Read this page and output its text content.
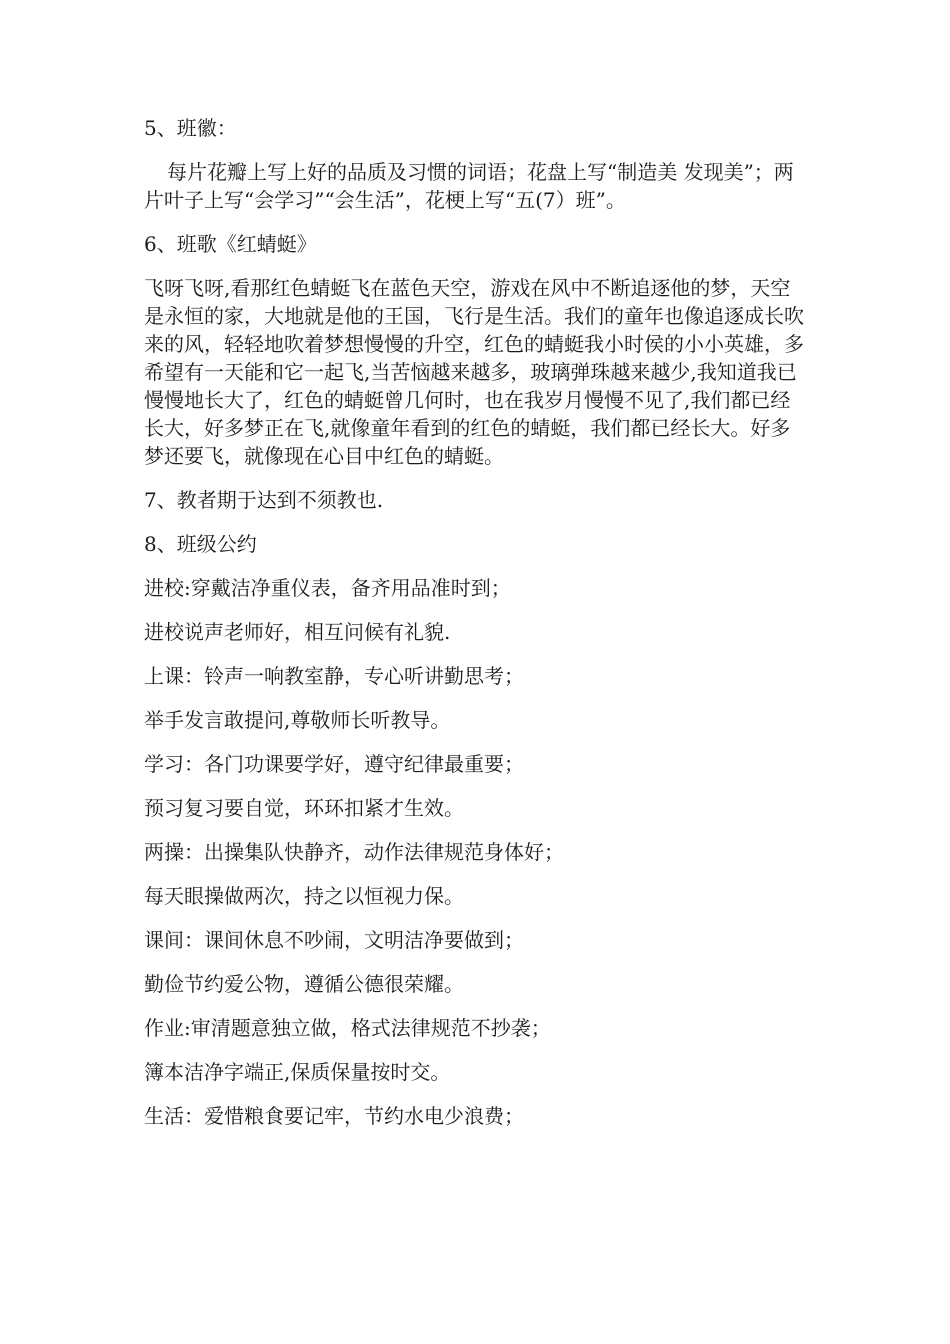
5、班徽：

每片花瓣上写上好的品质及习惯的词语；花盘上写“制造美 发现美”；两片叶子上写“会学习”“会生活”，花梗上写“五(7）班”。

6、班歌《红蜻蜓》

飞呀飞呀,看那红色蜻蜓飞在蓝色天空，游戏在风中不断追逐他的梦，天空是永恒的家，大地就是他的王国，飞行是生活。我们的童年也像追逐成长吹来的风，轻轻地吹着梦想慢慢的升空，红色的蜻蜓我小时侯的小小英雄，多希望有一天能和它一起飞,当苦恼越来越多，玻璃弹珠越来越少,我知道我已慢慢地长大了，红色的蜻蜓曾几何时，也在我岁月慢慢不见了,我们都已经长大，好多梦正在飞,就像童年看到的红色的蜻蜓，我们都已经长大。好多梦还要飞，就像现在心目中红色的蜻蜓。

7、教者期于达到不须教也.

8、班级公约

进校:穿戴洁净重仪表，备齐用品准时到；

进校说声老师好，相互问候有礼貌.

上课：铃声一响教室静，专心听讲勤思考；

举手发言敢提问,尊敬师长听教导。

学习：各门功课要学好，遵守纪律最重要；

预习复习要自觉，环环扣紧才生效。

两操：出操集队快静齐，动作法律规范身体好；

每天眼操做两次，持之以恒视力保。

课间：课间休息不吵闹，文明洁净要做到；

勤俭节约爱公物，遵循公德很荣耀。

作业:审清题意独立做，格式法律规范不抄袭；

簿本洁净字端正,保质保量按时交。

生活：爱惜粮食要记牢，节约水电少浪费；
